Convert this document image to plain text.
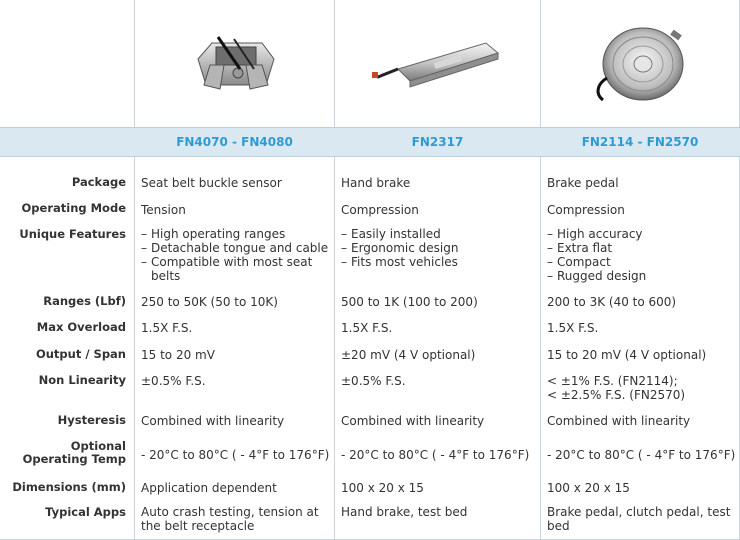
FN4070 - FN4080	FN2317	FN2114 - FN2570
Package Seat belt buckle sensor	Hand brake	Brake pedal
Operating Mode Tension	Compression	Compression
Unique Features
–	High operating ranges
– Detachable tongue and cable
– Compatible with most seat belts
– Easily installed
– Ergonomic design
– Fits most vehicles
– High accuracy
– Extra flat
– Compact
– Rugged design
Ranges (Lbf) 250 to 50K (50 to 10K)	500 to 1K (100 to 200)	200 to 3K (40 to 600)
Max Overload 1.5X F.S.	1.5X F.S.	1.5X F.S.
Output / Span 15 to 20 mV	±20 mV (4 V optional)	15 to 20 mV (4 V optional)
Non Linearity ±0.5% F.S.	±0.5% F.S.	< ±1% F.S. (FN2114);
< ±2.5% F.S. (FN2570)
Hysteresis Combined with linearity	Combined with linearity	Combined with linearity
Optional
Operating Temp - 20°C to 80°C ( - 4°F to 176°F) - 20°C to 80°C ( - 4°F to 176°F)	- 20°C to 80°C ( - 4°F to 176°F)
Dimensions (mm) Application dependent	100 x 20 x 15	100 x 20 x 15
Typical Apps Auto crash testing, tension at the belt receptacle
Hand brake, test bed	Brake pedal, clutch pedal, test bed
